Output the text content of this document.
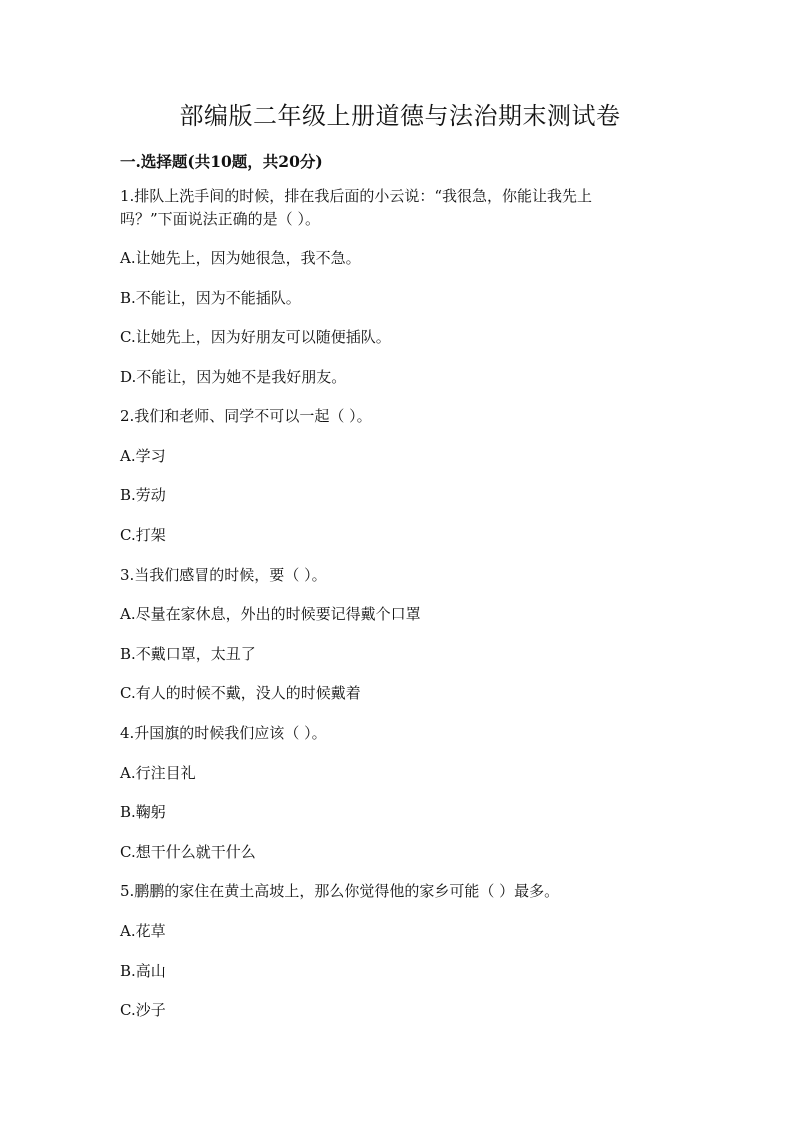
部编版二年级上册道德与法治期末测试卷
一.选择题(共10题，共20分)
1.排队上洗手间的时候，排在我后面的小云说：“我很急，你能让我先上
吗？”下面说法正确的是（ ）。
A.让她先上，因为她很急，我不急。
B.不能让，因为不能插队。
C.让她先上，因为好朋友可以随便插队。
D.不能让，因为她不是我好朋友。
2.我们和老师、同学不可以一起（ ）。
A.学习
B.劳动
C.打架
3.当我们感冒的时候，要（ ）。
A.尽量在家休息，外出的时候要记得戴个口罩
B.不戴口罩，太丑了
C.有人的时候不戴，没人的时候戴着
4.升国旗的时候我们应该（ ）。
A.行注目礼
B.鞠躬
C.想干什么就干什么
5.鹏鹏的家住在黄土高坡上，那么你觉得他的家乡可能（ ）最多。
A.花草
B.高山
C.沙子
